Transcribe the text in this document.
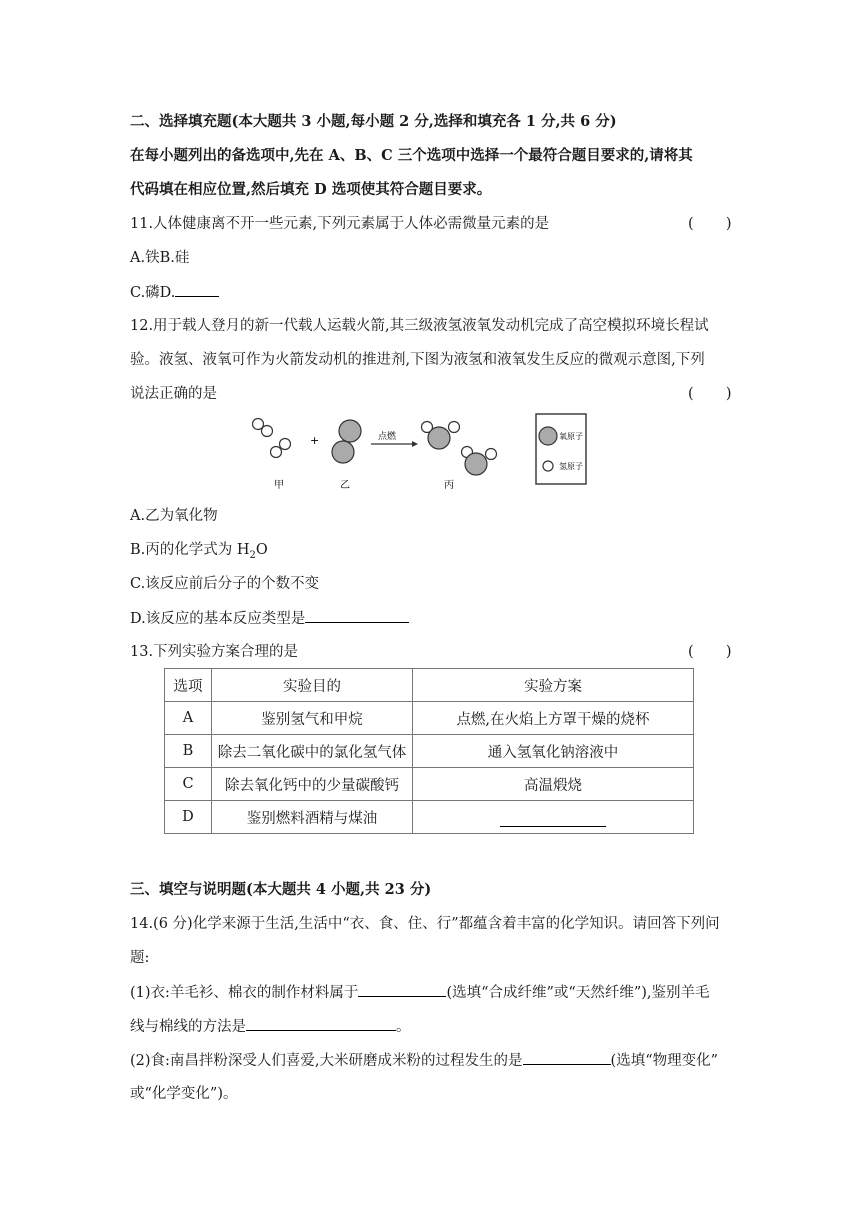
二、选择填充题(本大题共 3 小题,每小题 2 分,选择和填充各 1 分,共 6 分)
在每小题列出的备选项中,先在 A、B、C 三个选项中选择一个最符合题目要求的,请将其
代码填在相应位置,然后填充 D 选项使其符合题目要求。
11.人体健康离不开一些元素,下列元素属于人体必需微量元素的是	(       )
A.铁B.硅
C.磷D.
12.用于载人登月的新一代载人运载火箭,其三级液氢液氧发动机完成了高空模拟环境长程试
验。液氢、液氧可作为火箭发动机的推进剂,下图为液氢和液氧发生反应的微观示意图,下列
说法正确的是	(       )
+	点燃
甲	乙	丙
氧原子
氢原子
A.乙为氧化物
B.丙的化学式为 $H_2O$
C.该反应前后分子的个数不变
D.该反应的基本反应类型是
13.下列实验方案合理的是	(       )
选项	实验目的	实验方案
A	鉴别氢气和甲烷	点燃,在火焰上方罩干燥的烧杯
B	除去二氧化碳中的氯化氢气体	通入氢氧化钠溶液中
C	除去氧化钙中的少量碳酸钙	高温煅烧
D	鉴别燃料酒精与煤油	
三、填空与说明题(本大题共 4 小题,共 23 分)
14.(6 分)化学来源于生活,生活中“衣、食、住、行”都蕴含着丰富的化学知识。请回答下列问
题:
(1)衣:羊毛衫、棉衣的制作材料属于	(选填“合成纤维”或“天然纤维”),鉴别羊毛
线与棉线的方法是	。
(2)食:南昌拌粉深受人们喜爱,大米研磨成米粉的过程发生的是	(选填“物理变化”
或“化学变化”)。
